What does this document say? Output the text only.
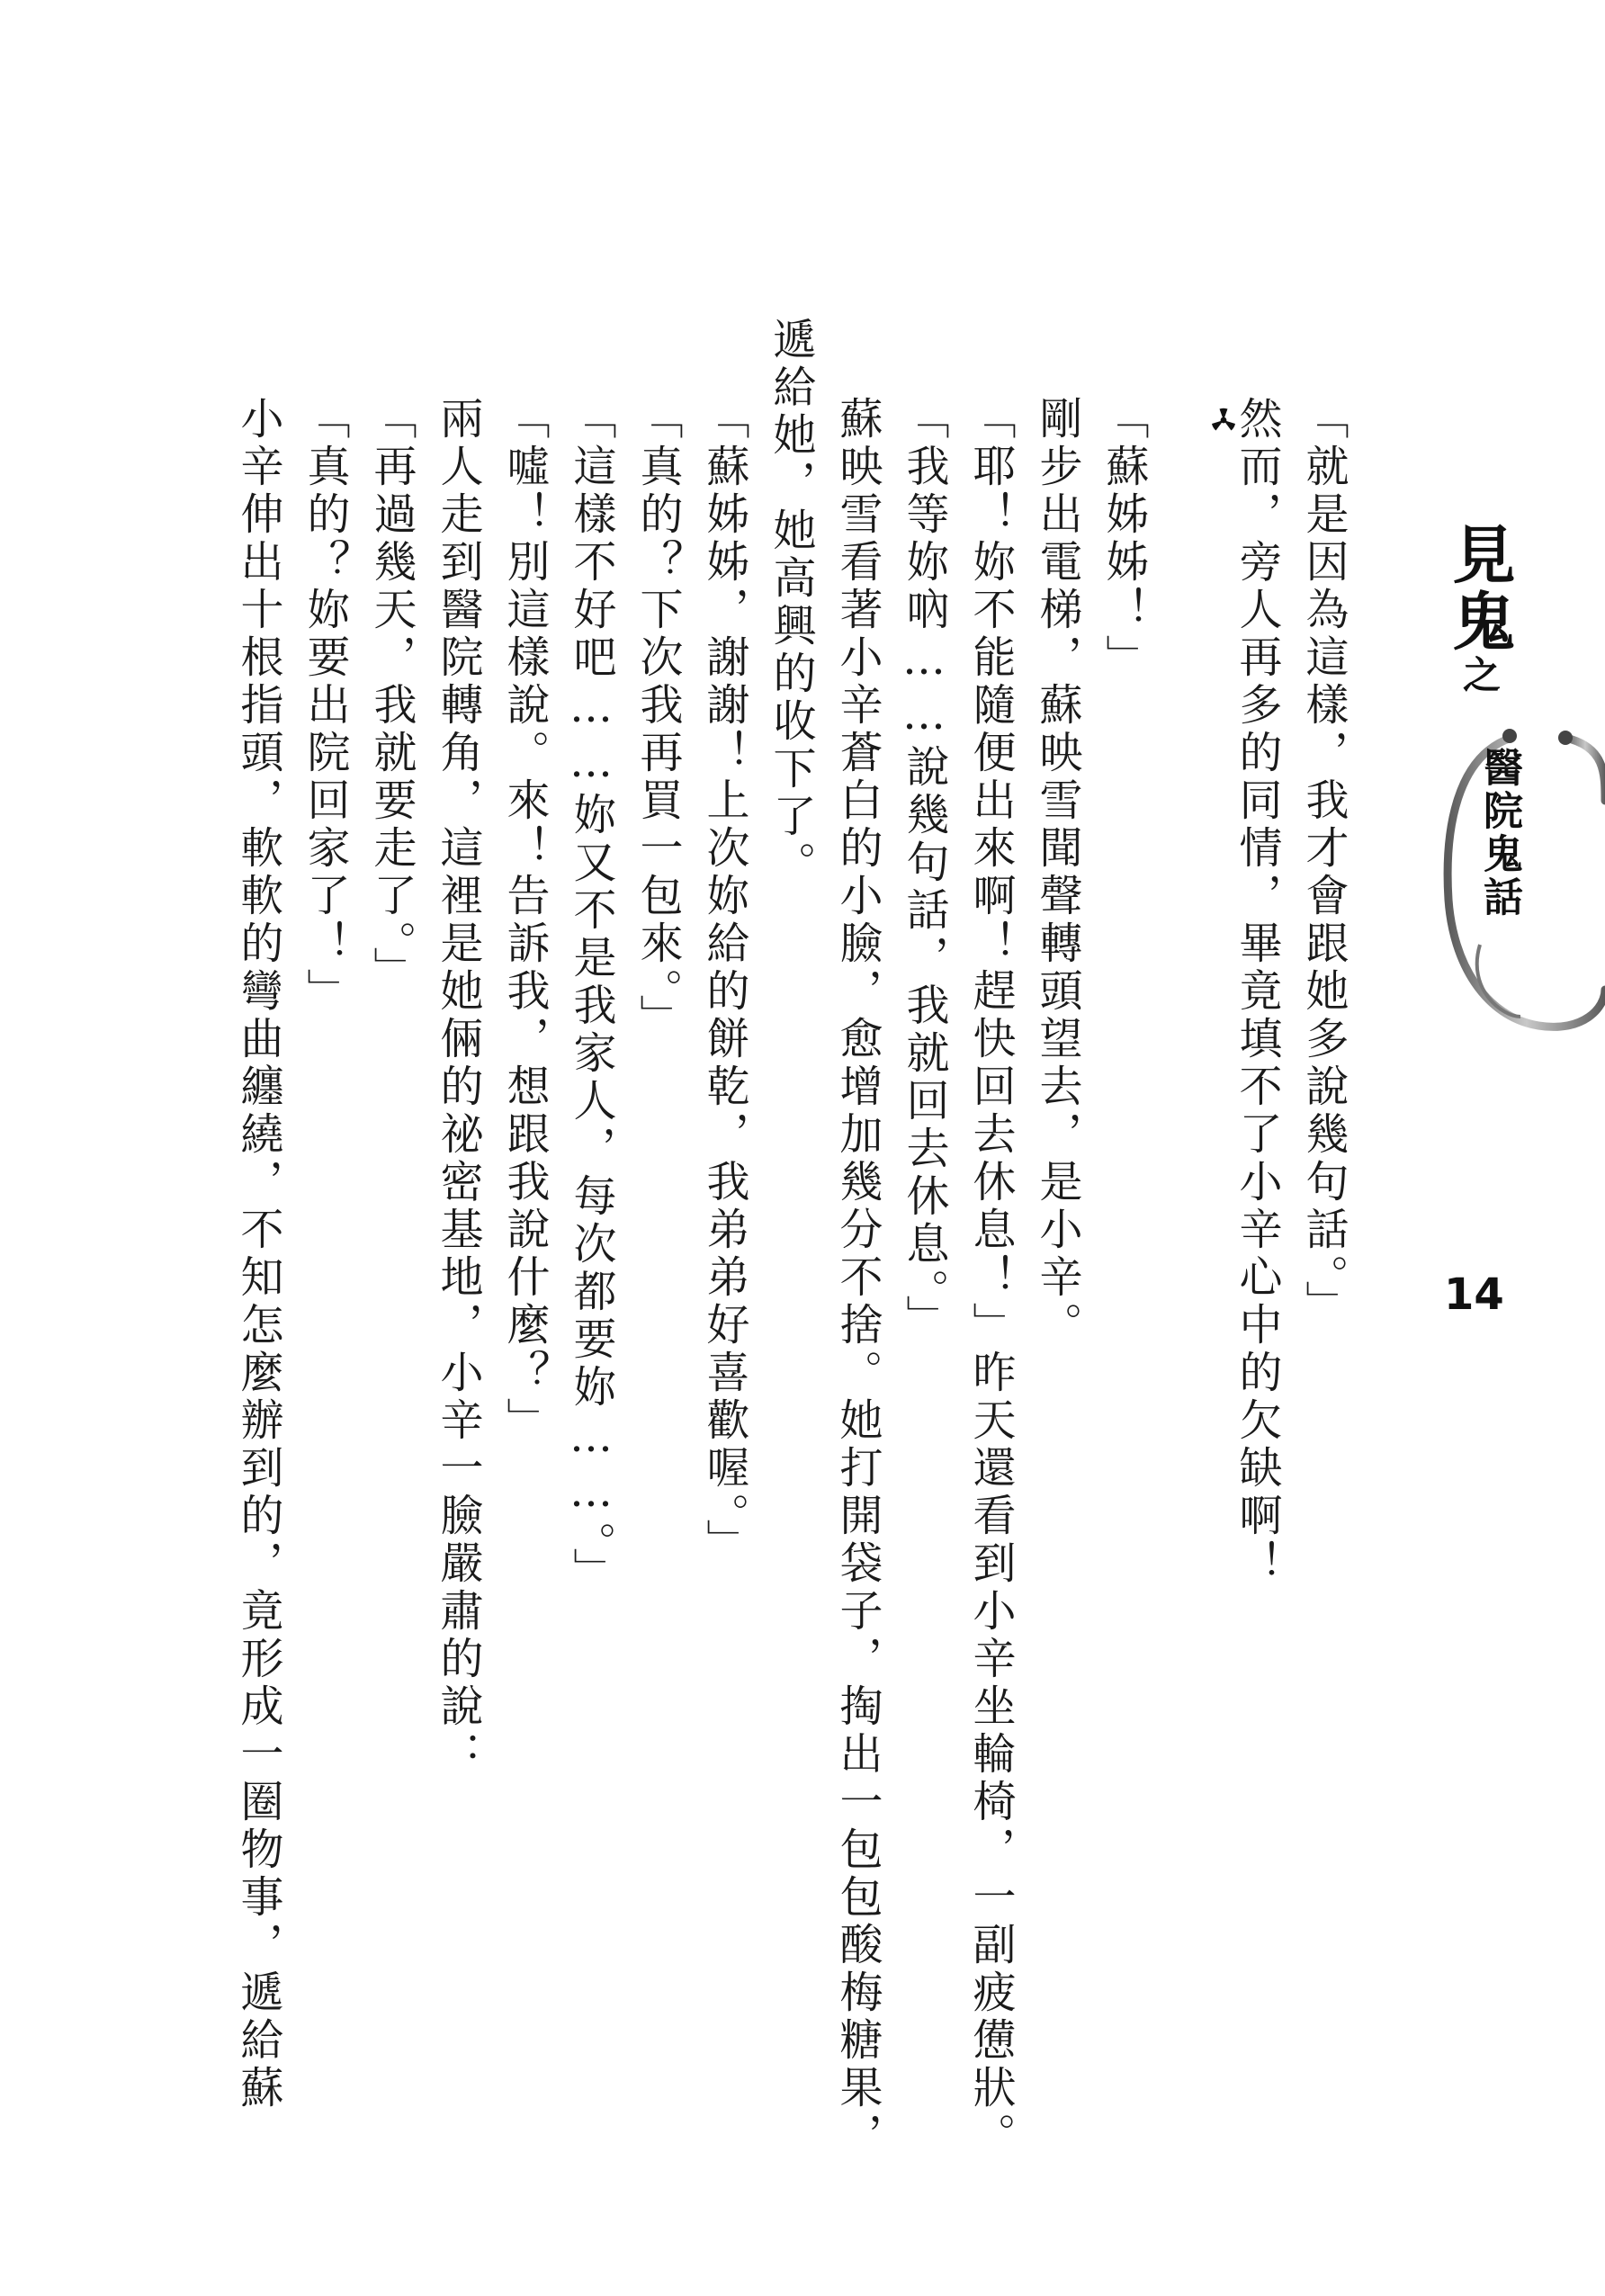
見鬼之
醫院鬼話
14

「就是因為這樣，我才會跟她多說幾句話。」

然而，旁人再多的同情，畢竟填不了小辛心中的欠缺啊！

「蘇姊姊！」

剛步出電梯，蘇映雪聞聲轉頭望去，是小辛。

「耶！妳不能隨便出來啊！趕快回去休息！」昨天還看到小辛坐輪椅，一副疲憊狀。

「我等妳吶……說幾句話，我就回去休息。」

蘇映雪看著小辛蒼白的小臉，愈增加幾分不捨。她打開袋子，掏出一包包酸梅糖果，

遞給她，她高興的收下了。

「蘇姊姊，謝謝！上次妳給的餅乾，我弟弟好喜歡喔。」

「真的？下次我再買一包來。」

「這樣不好吧……妳又不是我家人，每次都要妳……。」

「噓！別這樣說。來！告訴我，想跟我說什麼？」

兩人走到醫院轉角，這裡是她倆的祕密基地，小辛一臉嚴肅的說：

「再過幾天，我就要走了。」

「真的？妳要出院回家了！」

小辛伸出十根指頭，軟軟的彎曲纏繞，不知怎麼辦到的，竟形成一圈物事，遞給蘇
